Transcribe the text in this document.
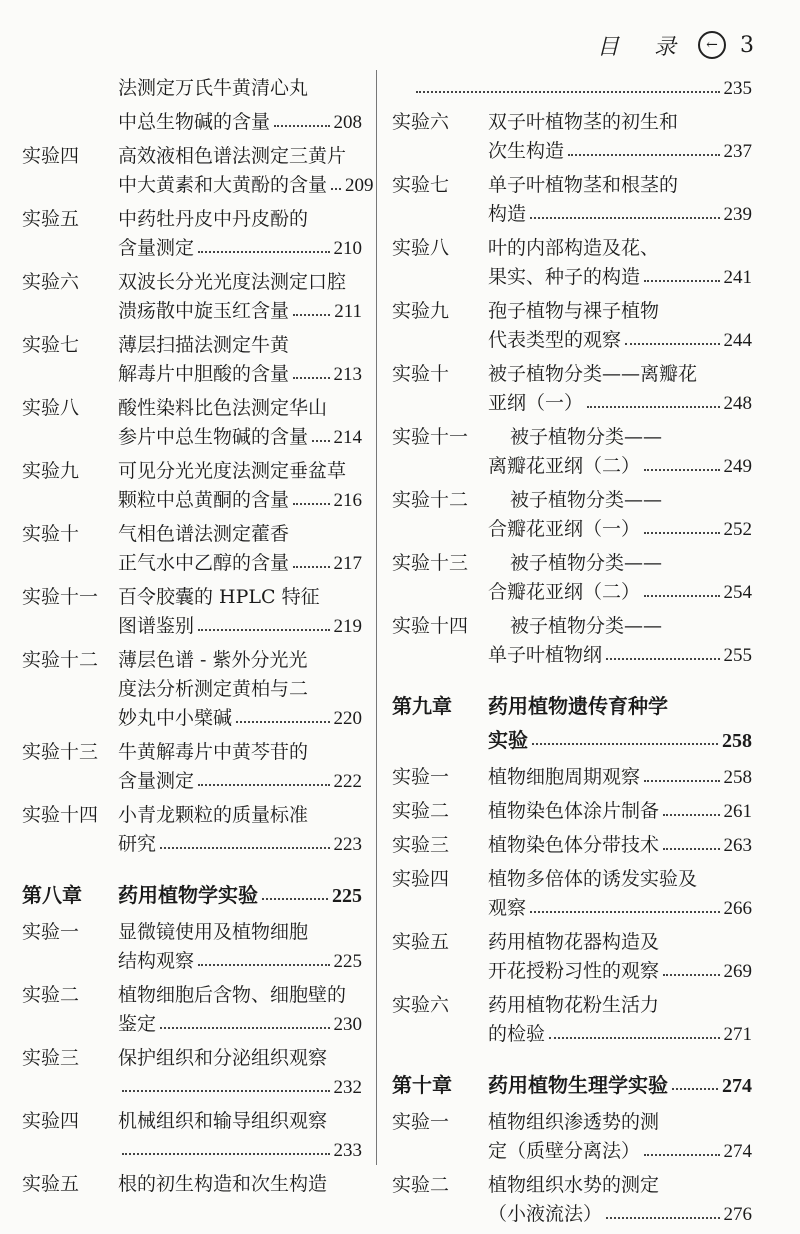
目 录	←	3
法测定万氏牛黄清心丸
中总生物碱的含量	208
实验四	高效液相色谱法测定三黄片
中大黄素和大黄酚的含量 209
实验五	中药牡丹皮中丹皮酚的
含量测定	210
实验六	双波长分光光度法测定口腔
溃疡散中旋玉红含量 211
实验七	薄层扫描法测定牛黄
解毒片中胆酸的含量 213
实验八	酸性染料比色法测定华山
参片中总生物碱的含量 214
实验九	可见分光光度法测定垂盆草
颗粒中总黄酮的含量 216
实验十	气相色谱法测定藿香
正气水中乙醇的含量 217
实验十一	百令胶囊的 HPLC 特征
图谱鉴别	219
实验十二	薄层色谱 - 紫外分光光
度法分析测定黄柏与二
妙丸中小檗碱	220
实验十三	牛黄解毒片中黄芩苷的
含量测定	222
实验十四	小青龙颗粒的质量标准
研究	223
第八章	药用植物学实验	225
实验一	显微镜使用及植物细胞
结构观察	225
实验二	植物细胞后含物、细胞壁的
鉴定	230
实验三	保护组织和分泌组织观察
232
实验四	机械组织和输导组织观察
233
实验五	根的初生构造和次生构造
235
实验六	双子叶植物茎的初生和
次生构造	237
实验七	单子叶植物茎和根茎的
构造	239
实验八	叶的内部构造及花、
果实、种子的构造	241
实验九	孢子植物与裸子植物
代表类型的观察	244
实验十	被子植物分类——离瓣花
亚纲（一）	248
实验十一	被子植物分类——
离瓣花亚纲（二）	249
实验十二	被子植物分类——
合瓣花亚纲（一）	252
实验十三	被子植物分类——
合瓣花亚纲（二）	254
实验十四	被子植物分类——
单子叶植物纲	255
第九章	药用植物遗传育种学
实验	258
实验一	植物细胞周期观察	258
实验二	植物染色体涂片制备	261
实验三	植物染色体分带技术	263
实验四	植物多倍体的诱发实验及
观察	266
实验五	药用植物花器构造及
开花授粉习性的观察	269
实验六	药用植物花粉生活力
的检验	271
第十章	药用植物生理学实验	274
实验一	植物组织渗透势的测
定（质壁分离法）	274
实验二	植物组织水势的测定
（小液流法）	276
